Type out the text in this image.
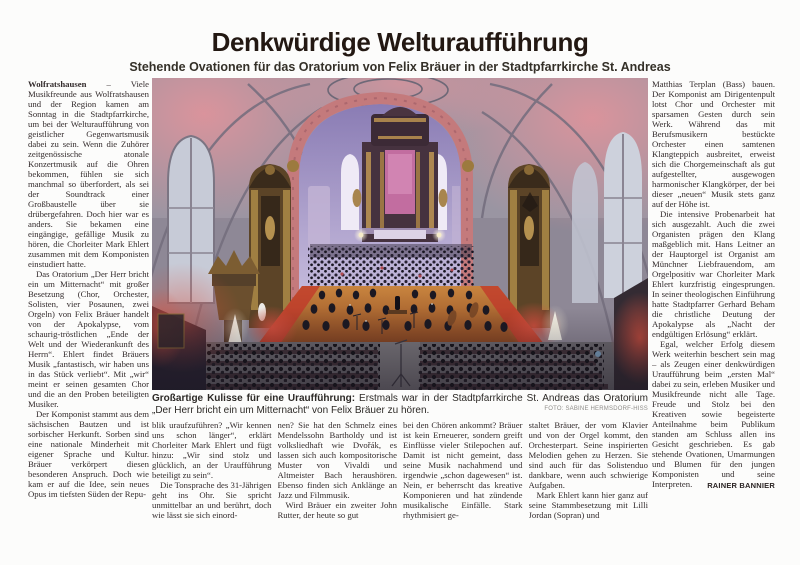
Denkwürdige Welturaufführung
Stehende Ovationen für das Oratorium von Felix Bräuer in der Stadtpfarrkirche St. Andreas

Wolfratshausen – Viele Musikfreunde aus Wolfratshausen und der Region kamen am Sonntag in die Stadtpfarrkirche, um bei der Welturaufführung von geistlicher Gegenwartsmusik dabei zu sein. Wenn die Zuhörer zeitgenössische atonale Konzertmusik auf die Ohren bekommen, fühlen sie sich manchmal so überfordert, als sei der Soundtrack einer Großbaustelle über sie drübergefahren. Doch hier war es anders. Sie bekamen eine eingängige, gefällige Musik zu hören, die Chorleiter Mark Ehlert zusammen mit dem Komponisten einstudiert hatte.

Das Oratorium „Der Herr bricht ein um Mitternacht“ mit großer Besetzung (Chor, Orchester, Solisten, vier Posaunen, zwei Orgeln) von Felix Bräuer handelt von der Apokalypse, vom schaurig-tröstlichen „Ende der Welt und der Wiederankunft des Herrn“. Ehlert findet Bräuers Musik „fantastisch, wir haben uns in das Stück verliebt“. Mit „wir“ meint er seinen gesamten Chor und die an den Proben beteiligten Musiker.

Der Komponist stammt aus dem sächsischen Bautzen und ist sorbischer Herkunft. Sorben sind eine nationale Minderheit mit eigener Sprache und Kultur. Bräuer verkörpert diesen besonderen Anspruch. Doch wie kam er auf die Idee, sein neues Opus im tiefsten Süden der Repu-

Großartige Kulisse für eine Uraufführung: Erstmals war in der Stadtpfarrkirche St. Andreas das Oratorium „Der Herr bricht ein um Mitternacht“ von Felix Bräuer zu hören.	FOTO: SABINE HERMSDORF-HISS

blik uraufzuführen? „Wir kennen uns schon länger“, erklärt Chorleiter Mark Ehlert und fügt hinzu: „Wir sind stolz und glücklich, an der Uraufführung beteiligt zu sein“.

Die Tonsprache des 31-Jährigen geht ins Ohr. Sie spricht unmittelbar an und berührt, doch wie lässt sie sich einord-

nen? Sie hat den Schmelz eines Mendelssohn Bartholdy und ist volksliedhaft wie Dvořák, es lassen sich auch kompositorische Muster von Vivaldi und Altmeister Bach heraushören. Ebenso finden sich Anklänge an Jazz und Filmmusik.

Wird Bräuer ein zweiter John Rutter, der heute so gut

bei den Chören ankommt? Bräuer ist kein Erneuerer, sondern greift Einflüsse vieler Stilepochen auf. Damit ist nicht gemeint, dass seine Musik nachahmend und irgendwie „schon dagewesen“ ist. Nein, er beherrscht das kreative Komponieren und hat zündende musikalische Einfälle. Stark rhythmisiert ge-

staltet Bräuer, der vom Klavier und von der Orgel kommt, den Orchesterpart. Seine inspirierten Melodien gehen zu Herzen. Sie sind auch für das Solistenduo dankbare, wenn auch schwierige Aufgaben.

Mark Ehlert kann hier ganz auf seine Stammbesetzung mit Lilli Jordan (Sopran) und

Matthias Terplan (Bass) bauen. Der Komponist am Dirigentenpult lotst Chor und Orchester mit sparsamen Gesten durch sein Werk. Während das mit Berufsmusikern bestückte Orchester einen samtenen Klangteppich ausbreitet, erweist sich die Chorgemeinschaft als gut aufgestellter, ausgewogen harmonischer Klangkörper, der bei dieser „neuen“ Musik stets ganz auf der Höhe ist.

Die intensive Probenarbeit hat sich ausgezahlt. Auch die zwei Organisten prägen den Klang maßgeblich mit. Hans Leitner an der Hauptorgel ist Organist am Münchner Liebfrauendom, am Orgelpositiv war Chorleiter Mark Ehlert kurzfristig eingesprungen. In seiner theologischen Einführung hatte Stadtpfarrer Gerhard Beham die christliche Deutung der Apokalypse als „Nacht der endgültigen Erlösung“ erklärt.

Egal, welcher Erfolg diesem Werk weiterhin beschert sein mag – als Zeugen einer denkwürdigen Uraufführung beim „ersten Mal“ dabei zu sein, erleben Musiker und Musikfreunde nicht alle Tage. Freude und Stolz bei den Kreativen sowie begeisterte Anteilnahme beim Publikum standen am Schluss allen ins Gesicht geschrieben. Es gab stehende Ovationen, Umarmungen und Blumen für den jungen Komponisten und seine Interpreten.	RAINER BANNIER
